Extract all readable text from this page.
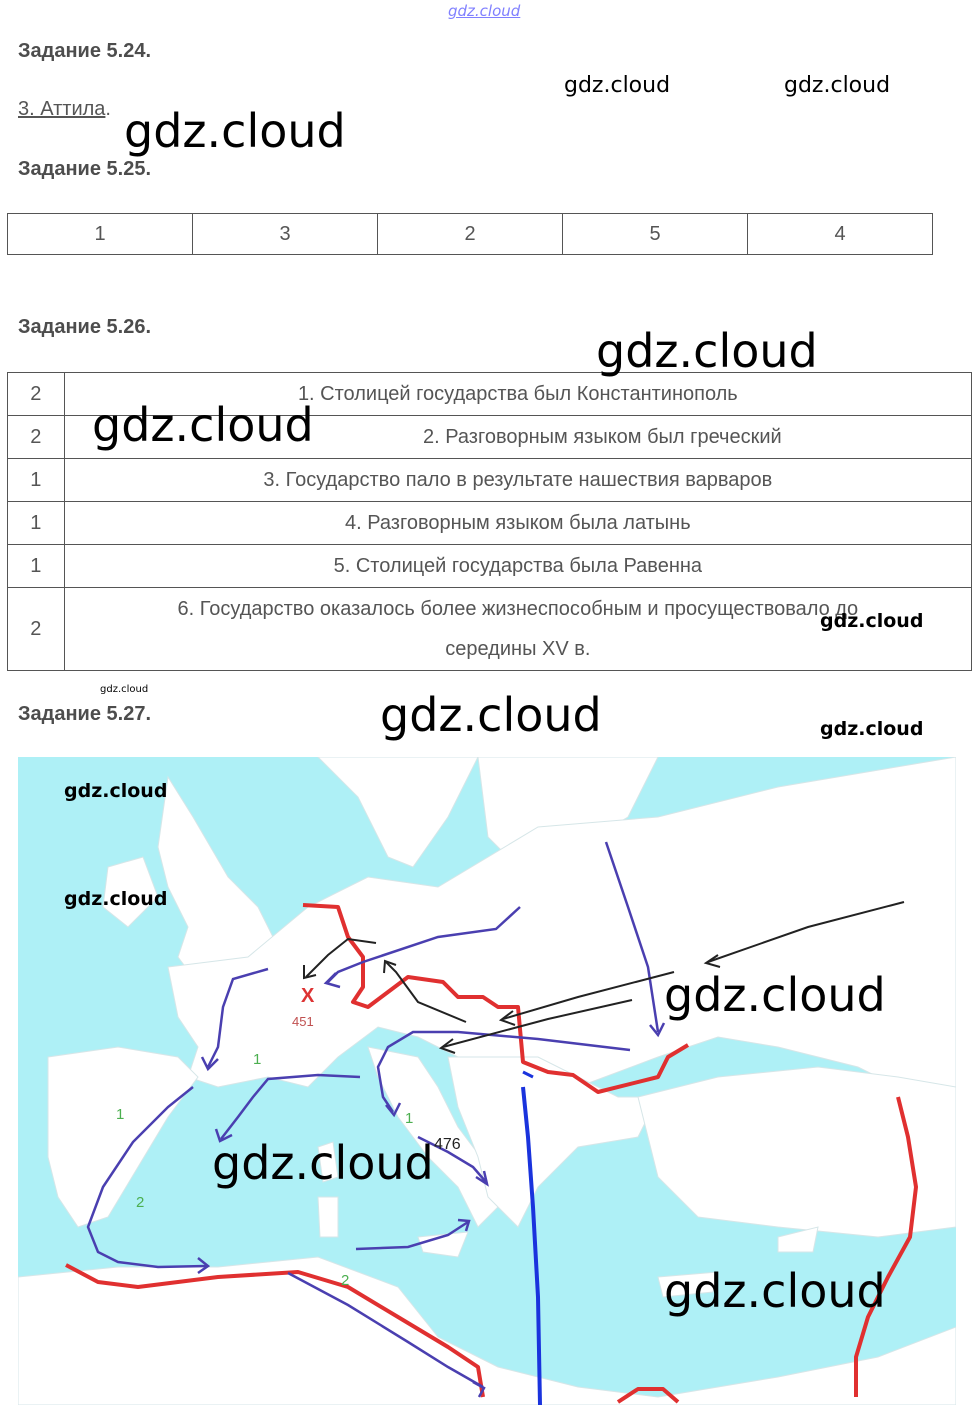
gdz.cloud
Задание 5.24.
3. Аттила.
gdz.cloud	gdz.cloud
gdz.cloud
Задание 5.25.
1	3	2	5	4
Задание 5.26.
2	1. Столицей государства был Константинополь
2	2. Разговорным языком был греческий
1	3. Государство пало в результате нашествия варваров
1	4. Разговорным языком была латынь
1	5. Столицей государства была Равенна
2	6. Государство оказалось более жизнеспособным и просуществовало до
середины XV в.
gdz.cloud
gdz.cloud
gdz.cloud
gdz.cloud
Задание 5.27.	gdz.cloud	gdz.cloud
X
451
476
1
1	1
2
2
gdz.cloud
gdz.cloud
gdz.cloud
gdz.cloud
gdz.cloud
